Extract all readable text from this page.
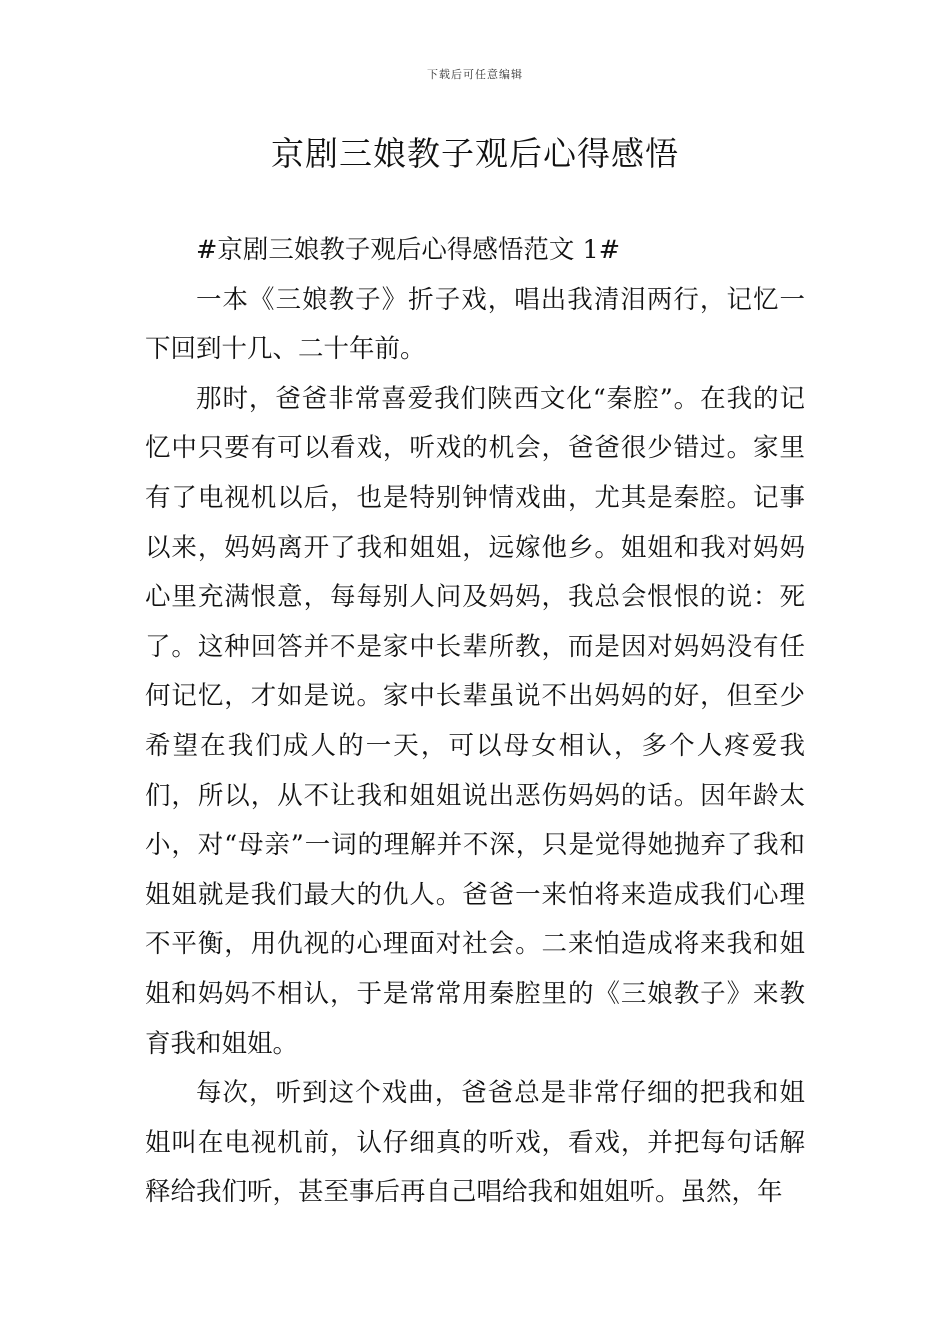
下载后可任意编辑
京剧三娘教子观后心得感悟

#京剧三娘教子观后心得感悟范文 1#

一本《三娘教子》折子戏，唱出我清泪两行，记忆一下回到十几、二十年前。

那时，爸爸非常喜爱我们陕西文化“秦腔”。在我的记忆中只要有可以看戏，听戏的机会，爸爸很少错过。家里有了电视机以后，也是特别钟情戏曲，尤其是秦腔。记事以来，妈妈离开了我和姐姐，远嫁他乡。姐姐和我对妈妈心里充满恨意，每每别人问及妈妈，我总会恨恨的说：死了。这种回答并不是家中长辈所教，而是因对妈妈没有任何记忆，才如是说。家中长辈虽说不出妈妈的好，但至少希望在我们成人的一天，可以母女相认，多个人疼爱我们，所以，从不让我和姐姐说出恶伤妈妈的话。因年龄太小，对“母亲”一词的理解并不深，只是觉得她抛弃了我和姐姐就是我们最大的仇人。爸爸一来怕将来造成我们心理不平衡，用仇视的心理面对社会。二来怕造成将来我和姐姐和妈妈不相认，于是常常用秦腔里的《三娘教子》来教育我和姐姐。

每次，听到这个戏曲，爸爸总是非常仔细的把我和姐姐叫在电视机前，认仔细真的听戏，看戏，并把每句话解释给我们听，甚至事后再自己唱给我和姐姐听。虽然，年
